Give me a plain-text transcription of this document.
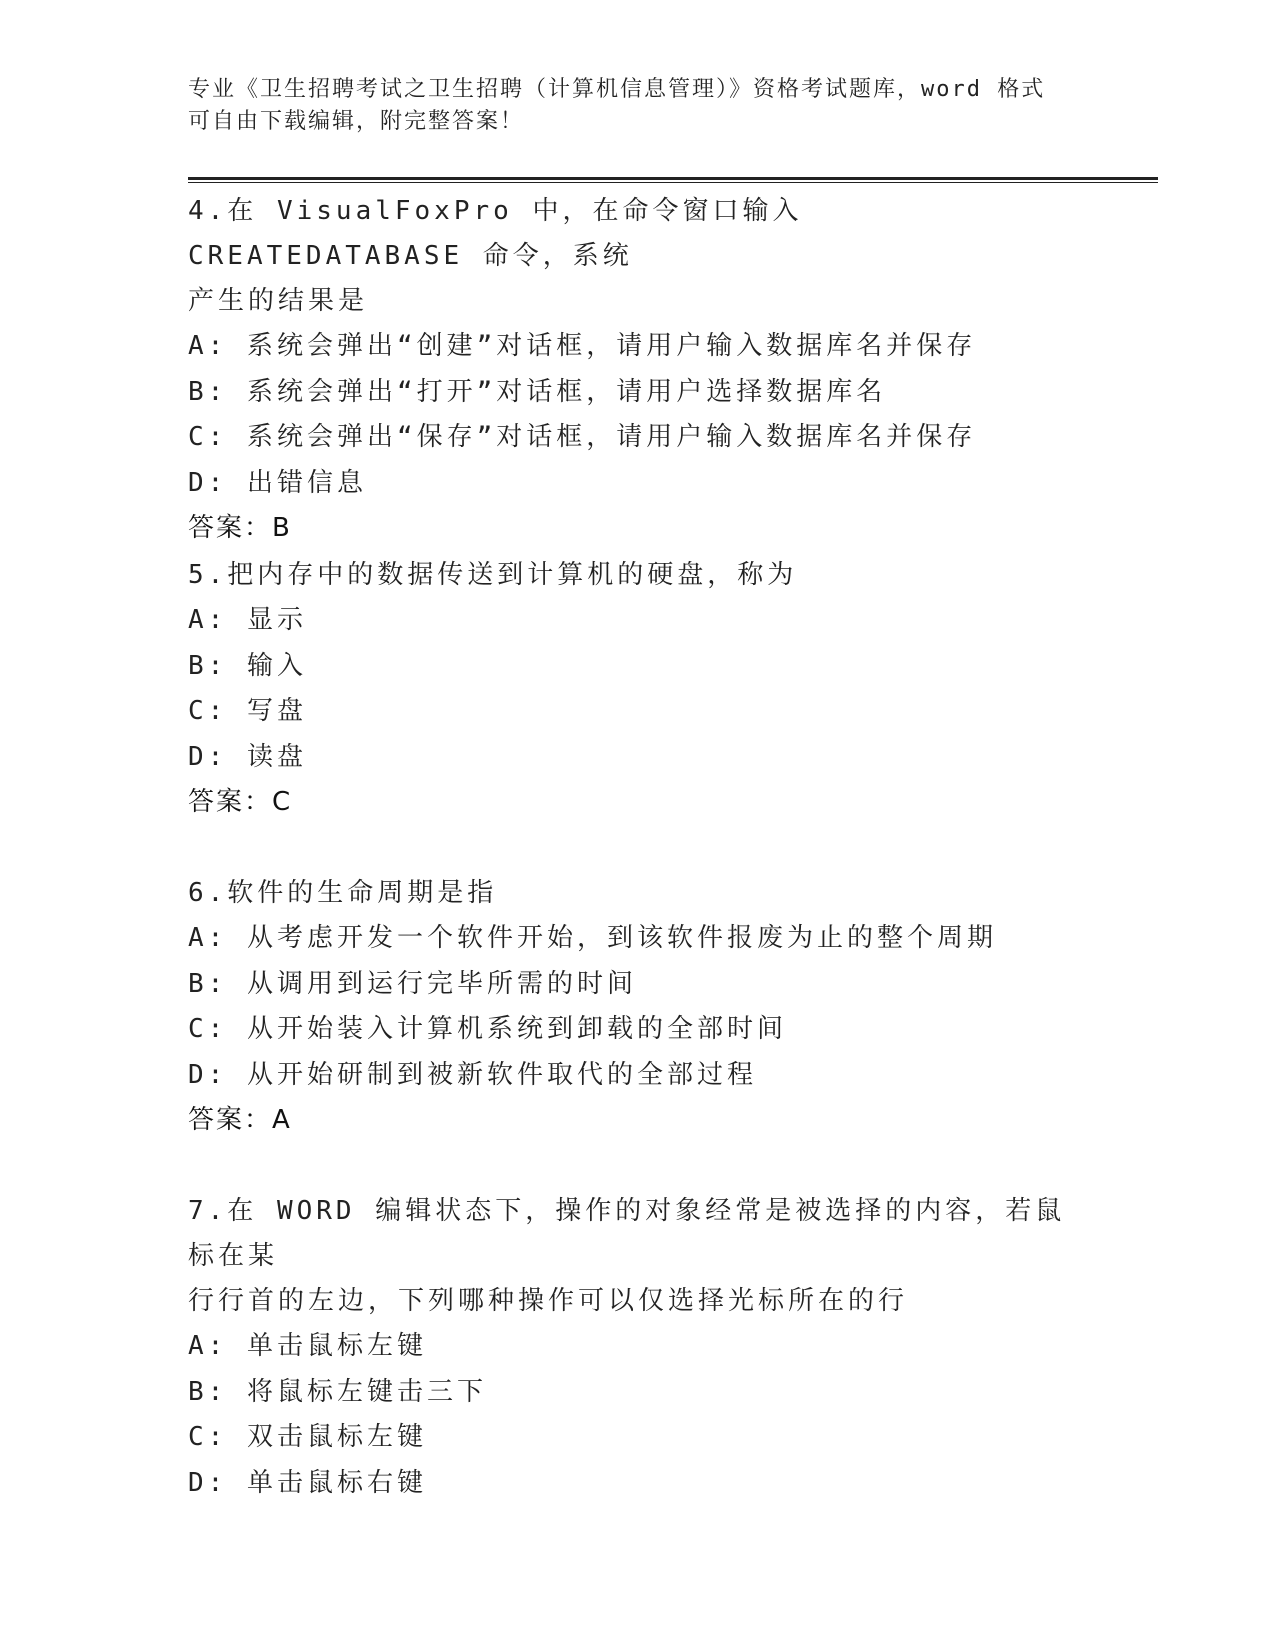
专业《卫生招聘考试之卫生招聘（计算机信息管理）》资格考试题库，word 格式
可自由下载编辑，附完整答案！

4.在 VisualFoxPro 中，在命令窗口输入 CREATEDATABASE 命令，系统

产生的结果是

A: 系统会弹出“创建”对话框，请用户输入数据库名并保存

B: 系统会弹出“打开”对话框，请用户选择数据库名

C: 系统会弹出“保存”对话框，请用户输入数据库名并保存

D: 出错信息

答案：B

5.把内存中的数据传送到计算机的硬盘，称为

A: 显示

B: 输入

C: 写盘

D: 读盘

答案：C

6.软件的生命周期是指

A: 从考虑开发一个软件开始，到该软件报废为止的整个周期

B: 从调用到运行完毕所需的时间

C: 从开始装入计算机系统到卸载的全部时间

D: 从开始研制到被新软件取代的全部过程

答案：A

7.在 WORD 编辑状态下，操作的对象经常是被选择的内容，若鼠标在某

行行首的左边，下列哪种操作可以仅选择光标所在的行

A: 单击鼠标左键

B: 将鼠标左键击三下

C: 双击鼠标左键

D: 单击鼠标右键
